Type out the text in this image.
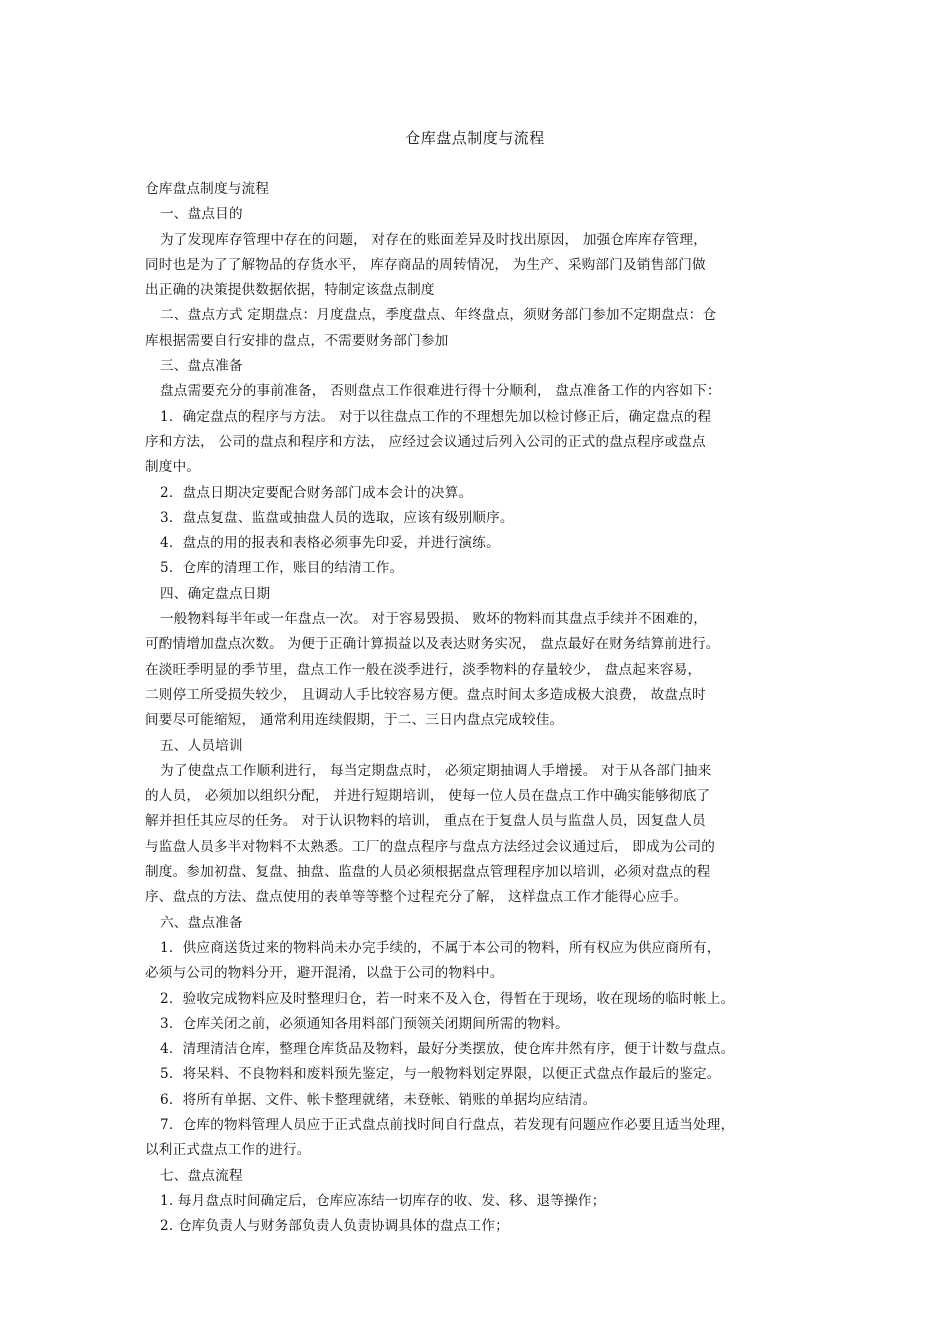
仓库盘点制度与流程
仓库盘点制度与流程
一、盘点目的
为了发现库存管理中存在的问题， 对存在的账面差异及时找出原因， 加强仓库库存管理，
同时也是为了了解物品的存货水平， 库存商品的周转情况， 为生产、采购部门及销售部门做
出正确的决策提供数据依据，特制定该盘点制度
二、盘点方式 定期盘点：月度盘点，季度盘点、年终盘点，须财务部门参加不定期盘点：仓
库根据需要自行安排的盘点，不需要财务部门参加
三、盘点准备
盘点需要充分的事前准备， 否则盘点工作很难进行得十分顺利， 盘点准备工作的内容如下：
1．确定盘点的程序与方法。 对于以往盘点工作的不理想先加以检讨修正后，确定盘点的程
序和方法， 公司的盘点和程序和方法， 应经过会议通过后列入公司的正式的盘点程序或盘点
制度中。
2．盘点日期决定要配合财务部门成本会计的决算。
3．盘点复盘、监盘或抽盘人员的选取，应该有级别顺序。
4．盘点的用的报表和表格必须事先印妥，并进行演练。
5．仓库的清理工作，账目的结清工作。
四、确定盘点日期
一般物料每半年或一年盘点一次。 对于容易毁损、 败坏的物料而其盘点手续并不困难的，
可酌情增加盘点次数。 为便于正确计算损益以及表达财务实况， 盘点最好在财务结算前进行。
在淡旺季明显的季节里，盘点工作一般在淡季进行，淡季物料的存量较少， 盘点起来容易，
二则停工所受损失较少， 且调动人手比较容易方便。盘点时间太多造成极大浪费， 故盘点时
间要尽可能缩短， 通常利用连续假期，于二、三日内盘点完成较佳。
五、人员培训
为了使盘点工作顺利进行， 每当定期盘点时， 必须定期抽调人手增援。 对于从各部门抽来
的人员， 必须加以组织分配， 并进行短期培训， 使每一位人员在盘点工作中确实能够彻底了
解并担任其应尽的任务。 对于认识物料的培训， 重点在于复盘人员与监盘人员，因复盘人员
与监盘人员多半对物料不太熟悉。工厂的盘点程序与盘点方法经过会议通过后， 即成为公司的
制度。参加初盘、复盘、抽盘、监盘的人员必须根据盘点管理程序加以培训，必须对盘点的程
序、盘点的方法、盘点使用的表单等等整个过程充分了解， 这样盘点工作才能得心应手。
六、盘点准备
1．供应商送货过来的物料尚未办完手续的，不属于本公司的物料，所有权应为供应商所有，
必须与公司的物料分开，避开混淆，以盘于公司的物料中。
2．验收完成物料应及时整理归仓，若一时来不及入仓，得暂在于现场，收在现场的临时帐上。
3．仓库关闭之前，必须通知各用料部门预领关闭期间所需的物料。
4．清理清洁仓库，整理仓库货品及物料，最好分类摆放，使仓库井然有序，便于计数与盘点。
5．将呆料、不良物料和废料预先鉴定，与一般物料划定界限，以便正式盘点作最后的鉴定。
6．将所有单据、文件、帐卡整理就绪，未登帐、销账的单据均应结清。
7．仓库的物料管理人员应于正式盘点前找时间自行盘点，若发现有问题应作必要且适当处理，
以利正式盘点工作的进行。
七、盘点流程
1. 每月盘点时间确定后，仓库应冻结一切库存的收、发、移、退等操作；
2. 仓库负责人与财务部负责人负责协调具体的盘点工作；
